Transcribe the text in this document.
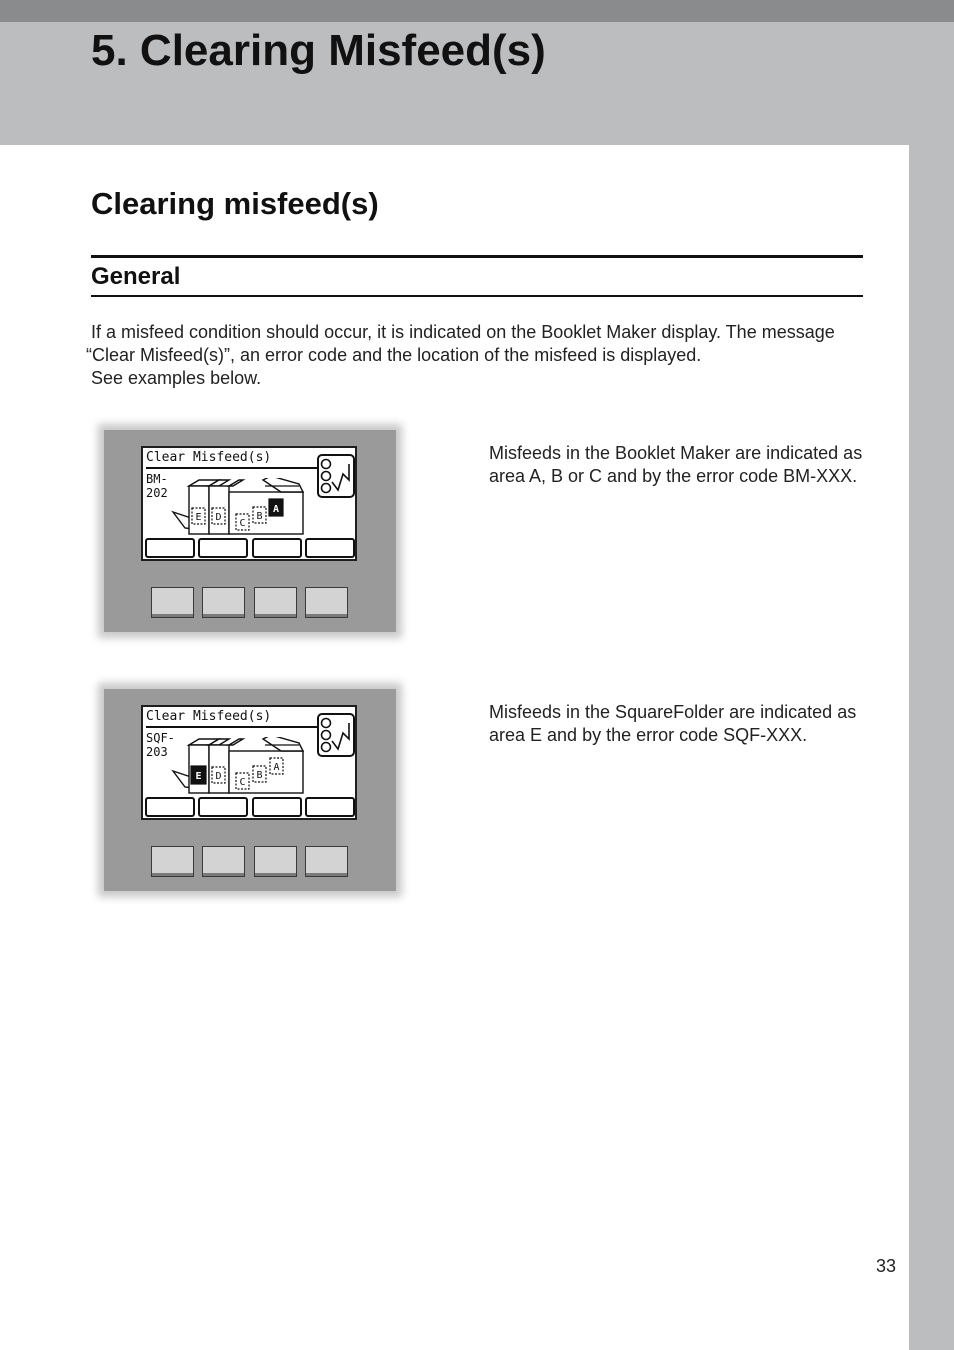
5. Clearing Misfeed(s)
Clearing misfeed(s)
General

If a misfeed condition should occur, it is indicated on the Booklet Maker display. The message
“Clear Misfeed(s)”, an error code and the location of the misfeed is displayed.
See examples below.

Clear Misfeed(s)
BM-
202
E D
C
B
A

Misfeeds in the Booklet Maker are indicated as
area A, B or C and by the error code BM-XXX.

Clear Misfeed(s)
SQF-
203
E D
C
B
A

Misfeeds in the SquareFolder are indicated as
area E and by the error code SQF-XXX.

33
